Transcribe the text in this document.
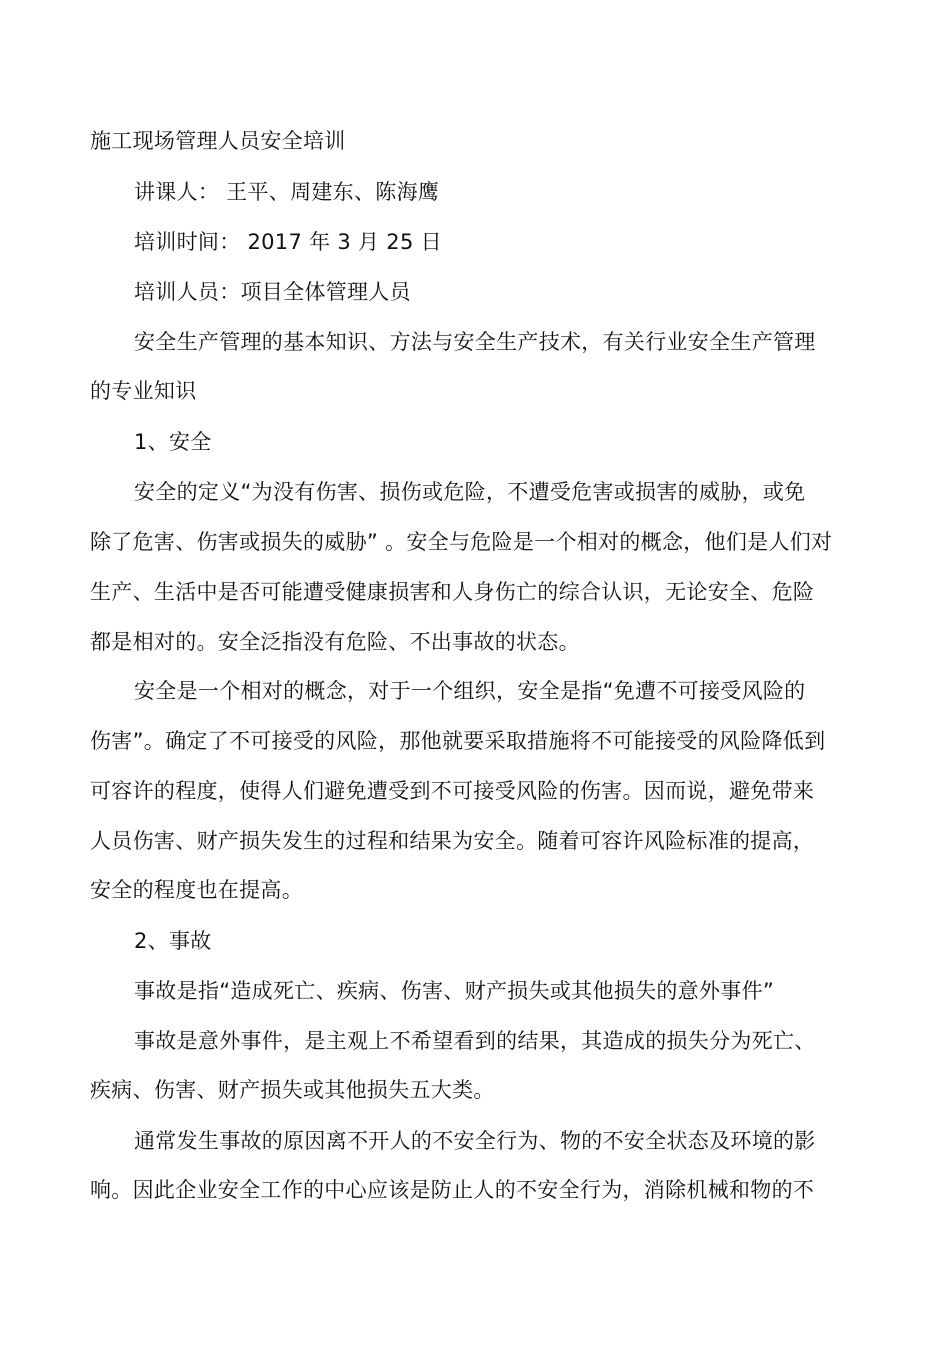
施工现场管理人员安全培训
讲课人： 王平、周建东、陈海鹰
培训时间： 2017 年 3 月 25 日
培训人员：项目全体管理人员
安全生产管理的基本知识、方法与安全生产技术，有关行业安全生产管理
的专业知识
1、安全
安全的定义“为没有伤害、损伤或危险，不遭受危害或损害的威胁，或免
除了危害、伤害或损失的威胁” 。安全与危险是一个相对的概念，他们是人们对
生产、生活中是否可能遭受健康损害和人身伤亡的综合认识，无论安全、危险
都是相对的。安全泛指没有危险、不出事故的状态。
安全是一个相对的概念，对于一个组织，安全是指“免遭不可接受风险的
伤害”。确定了不可接受的风险，那他就要采取措施将不可能接受的风险降低到
可容许的程度，使得人们避免遭受到不可接受风险的伤害。因而说，避免带来
人员伤害、财产损失发生的过程和结果为安全。随着可容许风险标准的提高，
安全的程度也在提高。
2、事故
事故是指“造成死亡、疾病、伤害、财产损失或其他损失的意外事件”
事故是意外事件，是主观上不希望看到的结果，其造成的损失分为死亡、
疾病、伤害、财产损失或其他损失五大类。
通常发生事故的原因离不开人的不安全行为、物的不安全状态及环境的影
响。因此企业安全工作的中心应该是防止人的不安全行为，消除机械和物的不
